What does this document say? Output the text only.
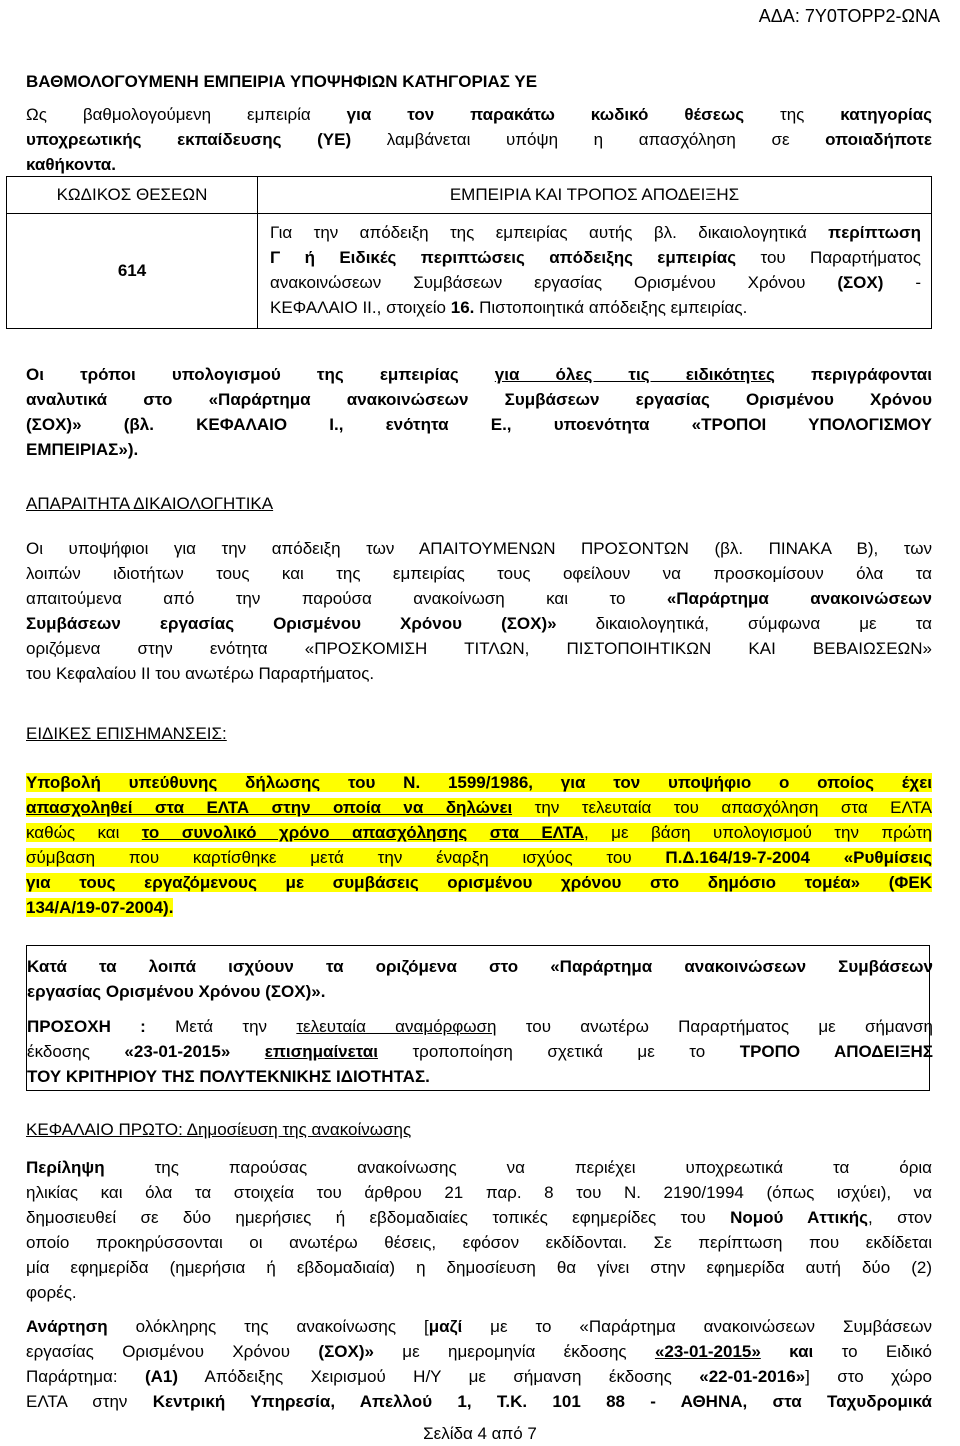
ΑΔΑ: 7Υ0ΤΟΡΡ2-ΩΝΑ

ΒΑΘΜΟΛΟΓΟΥΜΕΝΗ ΕΜΠΕΙΡΙΑ ΥΠΟΨΗΦΙΩΝ ΚΑΤΗΓΟΡΙΑΣ ΥΕ

Ως βαθμολογούμενη εμπειρία για τον παρακάτω κωδικό θέσεως της κατηγορίας

υποχρεωτικής εκπαίδευσης (ΥΕ) λαμβάνεται υπόψη η απασχόληση σε οποιαδήποτε

καθήκοντα.

ΚΩΔΙΚΟΣ ΘΕΣΕΩΝ	ΕΜΠΕΙΡΙΑ ΚΑΙ ΤΡΟΠΟΣ ΑΠΟΔΕΙΞΗΣ
614	Για την απόδειξη της εμπειρίας αυτής βλ. δικαιολογητικά περίπτωση
Γ ή Ειδικές περιπτώσεις απόδειξης εμπειρίας του Παραρτήματος
ανακοινώσεων Συμβάσεων εργασίας Ορισμένου Χρόνου (ΣΟΧ) -
ΚΕΦΑΛΑΙΟ ΙΙ., στοιχείο 16. Πιστοποιητικά απόδειξης εμπειρίας.

Οι τρόποι υπολογισμού της εμπειρίας για όλες τις ειδικότητες περιγράφονται

αναλυτικά στο «Παράρτημα ανακοινώσεων Συμβάσεων εργασίας Ορισμένου Χρόνου

(ΣΟΧ)» (βλ. ΚΕΦΑΛΑΙΟ Ι., ενότητα Ε., υποενότητα «ΤΡΟΠΟΙ ΥΠΟΛΟΓΙΣΜΟΥ

ΕΜΠΕΙΡΙΑΣ»).

ΑΠΑΡΑΙΤΗΤΑ ΔΙΚΑΙΟΛΟΓΗΤΙΚΑ

Οι υποψήφιοι για την απόδειξη των ΑΠΑΙΤΟΥΜΕΝΩΝ ΠΡΟΣΟΝΤΩΝ (βλ. ΠΙΝΑΚΑ Β), των

λοιπών ιδιοτήτων τους και της εμπειρίας τους οφείλουν να προσκομίσουν όλα τα

απαιτούμενα από την παρούσα ανακοίνωση και το «Παράρτημα ανακοινώσεων

Συμβάσεων εργασίας Ορισμένου Χρόνου (ΣΟΧ)» δικαιολογητικά, σύμφωνα με τα

οριζόμενα στην ενότητα «ΠΡΟΣΚΟΜΙΣΗ ΤΙΤΛΩΝ, ΠΙΣΤΟΠΟΙΗΤΙΚΩΝ ΚΑΙ ΒΕΒΑΙΩΣΕΩΝ»

του Κεφαλαίου ΙΙ του ανωτέρω Παραρτήματος.

ΕΙΔΙΚΕΣ ΕΠΙΣΗΜΑΝΣΕΙΣ:

Υποβολή υπεύθυνης δήλωσης του Ν. 1599/1986, για τον υποψήφιο ο οποίος έχει

απασχοληθεί στα ΕΛΤΑ στην οποία να δηλώνει την τελευταία του απασχόληση στα ΕΛΤΑ

καθώς και το συνολικό χρόνο απασχόλησης στα ΕΛΤΑ, με βάση υπολογισμού την πρώτη

σύμβαση που καρτίσθηκε μετά την έναρξη ισχύος του Π.Δ.164/19-7-2004 «Ρυθμίσεις

για τους εργαζόμενους με συμβάσεις ορισμένου χρόνου στο δημόσιο τομέα» (ΦΕΚ

134/Α/19-07-2004).

Κατά τα λοιπά ισχύουν τα οριζόμενα στο «Παράρτημα ανακοινώσεων Συμβάσεων

εργασίας Ορισμένου Χρόνου (ΣΟΧ)».

ΠΡΟΣΟΧΗ : Μετά την τελευταία αναμόρφωση του ανωτέρω Παραρτήματος με σήμανση

έκδοσης «23-01-2015» επισημαίνεται τροποποίηση σχετικά με το ΤΡΟΠΟ ΑΠΟΔΕΙΞΗΣ

ΤΟΥ ΚΡΙΤΗΡΙΟΥ ΤΗΣ ΠΟΛΥΤΕΚΝΙΚΗΣ ΙΔΙΟΤΗΤΑΣ.

ΚΕΦΑΛΑΙΟ ΠΡΩΤΟ: Δημοσίευση της ανακοίνωσης

Περίληψη της παρούσας ανακοίνωσης να περιέχει υποχρεωτικά τα όρια

ηλικίας και όλα τα στοιχεία του άρθρου 21 παρ. 8 του Ν. 2190/1994 (όπως ισχύει), να

δημοσιευθεί σε δύο ημερήσιες ή εβδομαδιαίες τοπικές εφημερίδες του Νομού Αττικής, στον

οποίο προκηρύσσονται οι ανωτέρω θέσεις, εφόσον εκδίδονται. Σε περίπτωση που εκδίδεται

μία εφημερίδα (ημερήσια ή εβδομαδιαία) η δημοσίευση θα γίνει στην εφημερίδα αυτή δύο (2)

φορές.

Ανάρτηση ολόκληρης της ανακοίνωσης [μαζί με το «Παράρτημα ανακοινώσεων Συμβάσεων

εργασίας Ορισμένου Χρόνου (ΣΟΧ)» με ημερομηνία έκδοσης «23-01-2015» και το Ειδικό

Παράρτημα: (Α1) Απόδειξης Χειρισμού Η/Υ με σήμανση έκδοσης «22-01-2016»] στο χώρο

ΕΛΤΑ στην Κεντρική Υπηρεσία, Απελλού 1, Τ.Κ. 101 88 - ΑΘΗΝΑ, στα Ταχυδρομικά

Σελίδα 4 από 7
